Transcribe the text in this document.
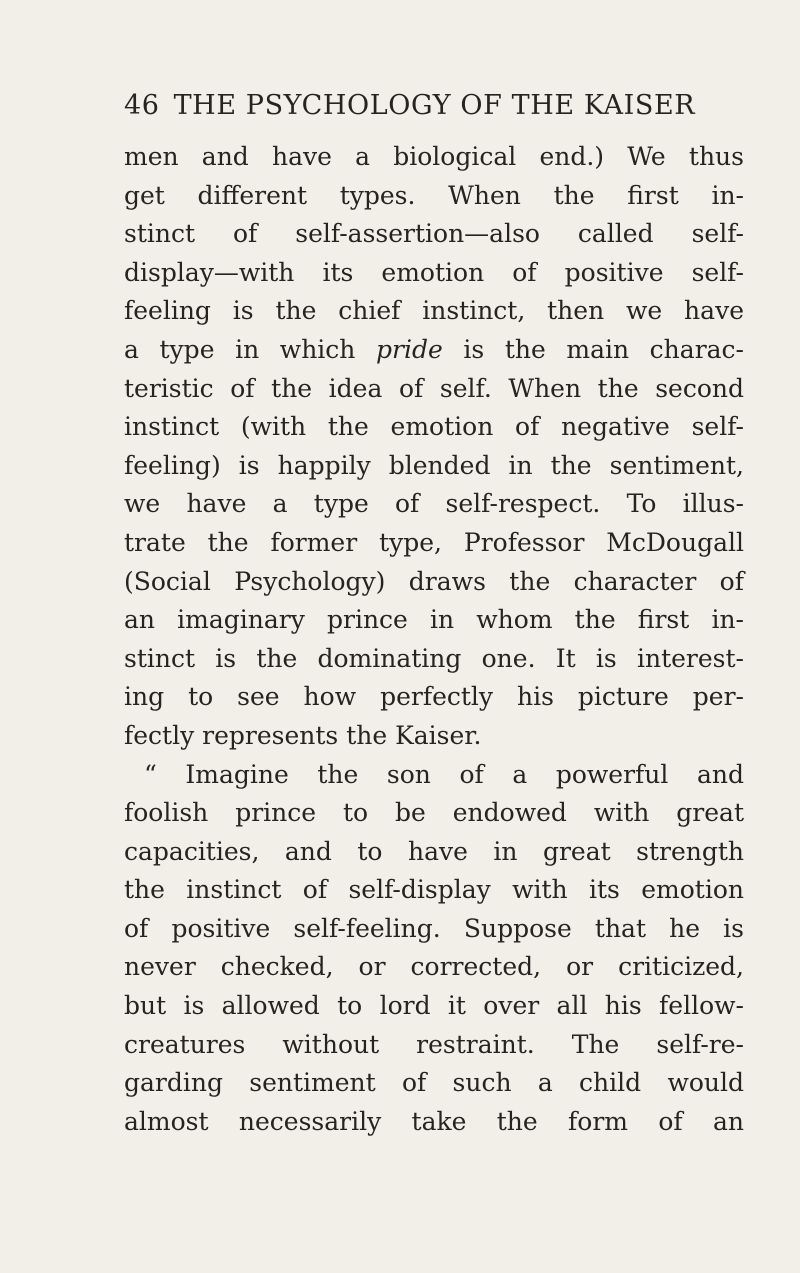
46 THE PSYCHOLOGY OF THE KAISER
men and have a biological end.) We thus
get different types. When the first in-
stinct of self-assertion—also called self-
display—with its emotion of positive self-
feeling is the chief instinct, then we have
a type in which pride is the main charac-
teristic of the idea of self. When the second
instinct (with the emotion of negative self-
feeling) is happily blended in the sentiment,
we have a type of self-respect. To illus-
trate the former type, Professor McDougall
(Social Psychology) draws the character of
an imaginary prince in whom the first in-
stinct is the dominating one. It is interest-
ing to see how perfectly his picture per-
fectly represents the Kaiser.
“ Imagine the son of a powerful and
foolish prince to be endowed with great
capacities, and to have in great strength
the instinct of self-display with its emotion
of positive self-feeling. Suppose that he is
never checked, or corrected, or criticized,
but is allowed to lord it over all his fellow-
creatures without restraint. The self-re-
garding sentiment of such a child would
almost necessarily take the form of an
